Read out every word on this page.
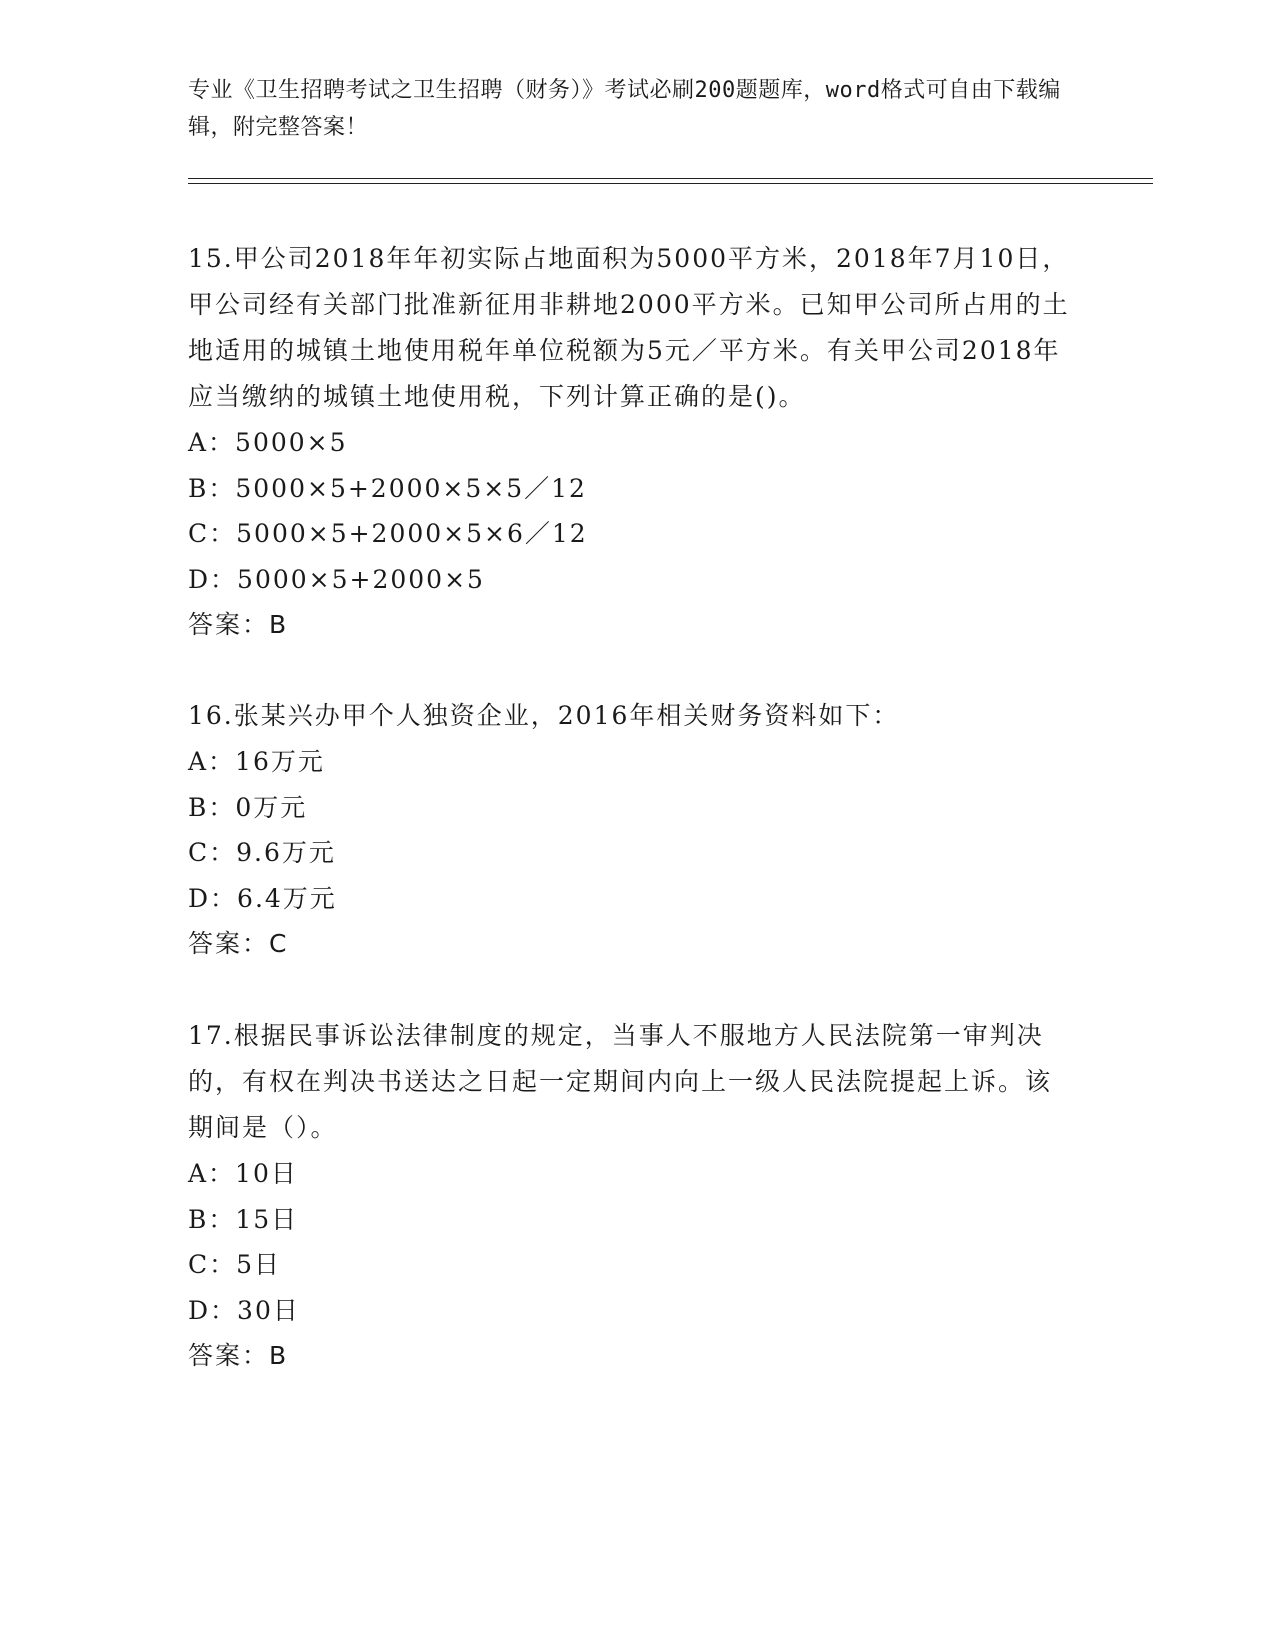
专业《卫生招聘考试之卫生招聘（财务）》考试必刷200题题库，word格式可自由下载编辑，附完整答案！

15.甲公司2018年年初实际占地面积为5000平方米，2018年7月10日，甲公司经有关部门批准新征用非耕地2000平方米。已知甲公司所占用的土地适用的城镇土地使用税年单位税额为5元／平方米。有关甲公司2018年应当缴纳的城镇土地使用税，下列计算正确的是()。

A：5000×5

B：5000×5+2000×5×5／12

C：5000×5+2000×5×6／12

D：5000×5+2000×5

答案：B

16.张某兴办甲个人独资企业，2016年相关财务资料如下：

A：16万元

B：0万元

C：9.6万元

D：6.4万元

答案：C

17.根据民事诉讼法律制度的规定，当事人不服地方人民法院第一审判决的，有权在判决书送达之日起一定期间内向上一级人民法院提起上诉。该期间是（）。

A：10日

B：15日

C：5日

D：30日

答案：B
